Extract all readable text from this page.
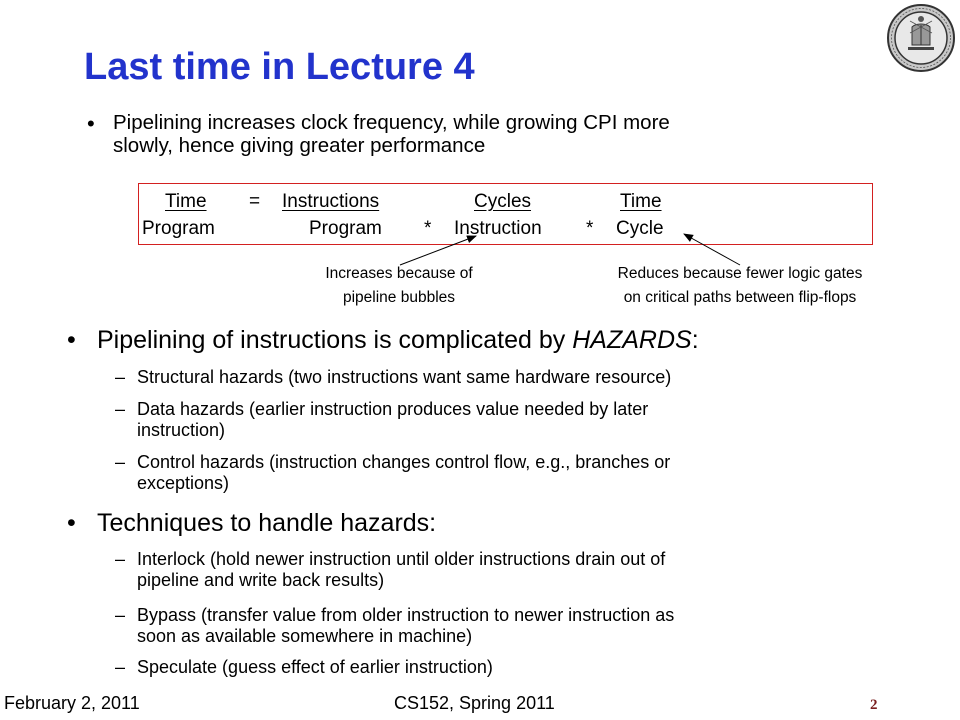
Last time in Lecture 4
• Pipelining increases clock frequency, while growing CPI more
slowly, hence giving greater performance
Time
Program
= Instructions
Program *
Cycles
Instruction *
Time
Cycle
Increases because of
pipeline bubbles
Reduces because fewer logic gates
on critical paths between flip-flops
• Pipelining of instructions is complicated by HAZARDS:
– Structural hazards (two instructions want same hardware resource)
– Data hazards (earlier instruction produces value needed by later
instruction)
– Control hazards (instruction changes control flow, e.g., branches or
exceptions)
• Techniques to handle hazards:
– Interlock (hold newer instruction until older instructions drain out of
pipeline and write back results)
– Bypass (transfer value from older instruction to newer instruction as
soon as available somewhere in machine)
– Speculate (guess effect of earlier instruction)
February 2, 2011	CS152, Spring 2011	2
